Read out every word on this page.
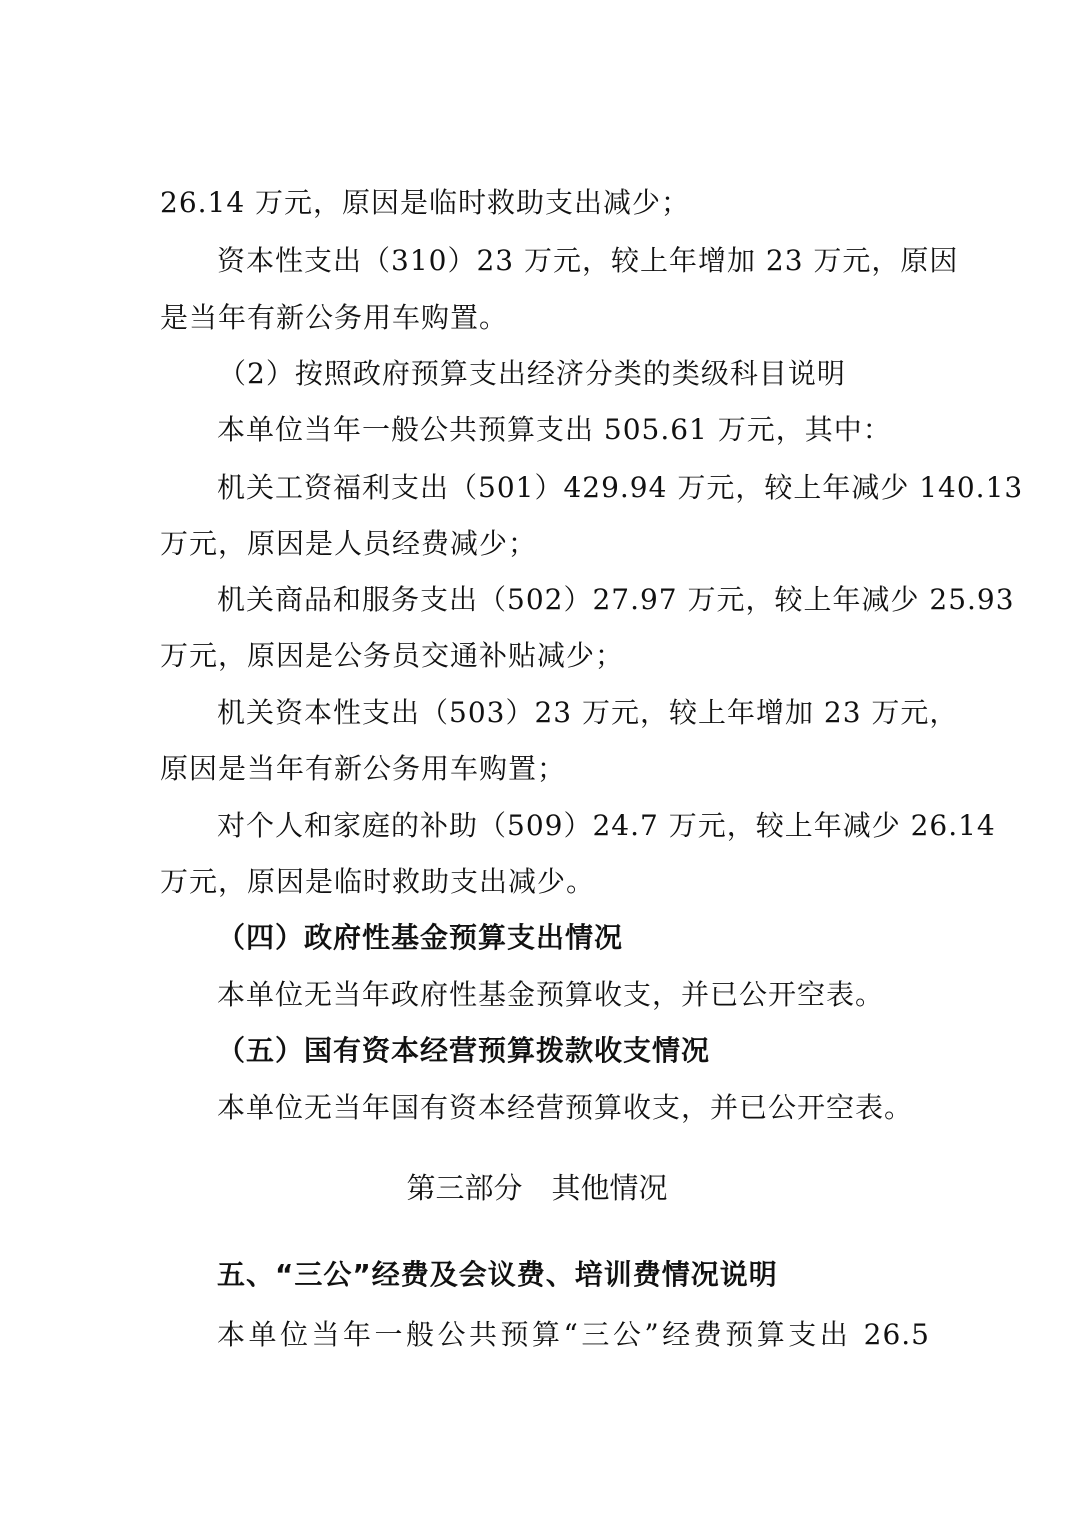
26.14 万元，原因是临时救助支出减少；
资本性支出（310）23 万元，较上年增加 23 万元，原因
是当年有新公务用车购置。
（2）按照政府预算支出经济分类的类级科目说明
本单位当年一般公共预算支出 505.61 万元，其中：
机关工资福利支出（501）429.94 万元，较上年减少 140.13
万元，原因是人员经费减少；
机关商品和服务支出（502）27.97 万元，较上年减少 25.93
万元，原因是公务员交通补贴减少；
机关资本性支出（503）23 万元，较上年增加 23 万元，
原因是当年有新公务用车购置；
对个人和家庭的补助（509）24.7 万元，较上年减少 26.14
万元，原因是临时救助支出减少。
（四）政府性基金预算支出情况
本单位无当年政府性基金预算收支，并已公开空表。
（五）国有资本经营预算拨款收支情况
本单位无当年国有资本经营预算收支，并已公开空表。
第三部分　其他情况
五、“三公”经费及会议费、培训费情况说明
本单位当年一般公共预算“三公”经费预算支出 26.5
